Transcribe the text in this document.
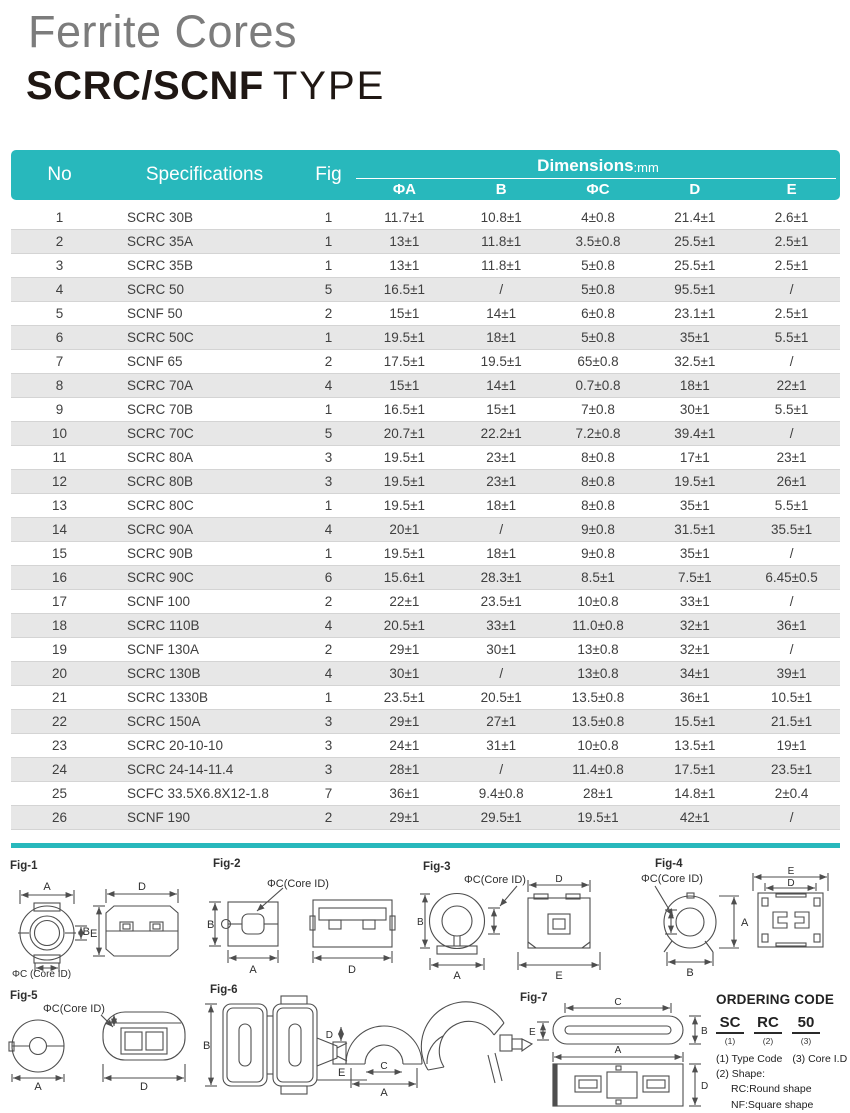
Ferrite Cores
SCRC/SCNF TYPE
No	Specifications	Fig	Dimensions :mm
ΦA	B	ΦC	D	E
1	SCRC 30B	1	11.7±1	10.8±1	4±0.8	21.4±1	2.6±1
2	SCRC 35A	1	13±1	11.8±1	3.5±0.8	25.5±1	2.5±1
3	SCRC 35B	1	13±1	11.8±1	5±0.8	25.5±1	2.5±1
4	SCRC 50	5	16.5±1	/	5±0.8	95.5±1	/
5	SCNF 50	2	15±1	14±1	6±0.8	23.1±1	2.5±1
6	SCRC 50C	1	19.5±1	18±1	5±0.8	35±1	5.5±1
7	SCNF 65	2	17.5±1	19.5±1	65±0.8	32.5±1	/
8	SCRC 70A	4	15±1	14±1	0.7±0.8	18±1	22±1
9	SCRC 70B	1	16.5±1	15±1	7±0.8	30±1	5.5±1
10	SCRC 70C	5	20.7±1	22.2±1	7.2±0.8	39.4±1	/
11	SCRC 80A	3	19.5±1	23±1	8±0.8	17±1	23±1
12	SCRC 80B	3	19.5±1	23±1	8±0.8	19.5±1	26±1
13	SCRC 80C	1	19.5±1	18±1	8±0.8	35±1	5.5±1
14	SCRC 90A	4	20±1	/	9±0.8	31.5±1	35.5±1
15	SCRC 90B	1	19.5±1	18±1	9±0.8	35±1	/
16	SCRC 90C	6	15.6±1	28.3±1	8.5±1	7.5±1	6.45±0.5
17	SCNF 100	2	22±1	23.5±1	10±0.8	33±1	/
18	SCRC 110B	4	20.5±1	33±1	11.0±0.8	32±1	36±1
19	SCNF 130A	2	29±1	30±1	13±0.8	32±1	/
20	SCRC 130B	4	30±1	/	13±0.8	34±1	39±1
21	SCRC 1330B	1	23.5±1	20.5±1	13.5±0.8	36±1	10.5±1
22	SCRC 150A	3	29±1	27±1	13.5±0.8	15.5±1	21.5±1
23	SCRC 20-10-10	3	24±1	31±1	10±0.8	13.5±1	19±1
24	SCRC 24-14-11.4	3	28±1	/	11.4±0.8	17.5±1	23.5±1
25	SCFC 33.5X6.8X12-1.8	7	36±1	9.4±0.8	28±1	14.8±1	2±0.4
26	SCNF 190	2	29±1	29.5±1	19.5±1	42±1	/
Fig-1
A
E
D
B
ΦC (Core ID)
Fig-2
ΦC(Core ID)
B
A	D
Fig-3
ΦC(Core ID)
B
A
D
E
Fig-4
ΦC(Core ID)
A
B
E
D
Fig-5
ΦC(Core ID)
A	D
Fig-6
B
E
D
C
A
Fig-7	C
E	B
A
D
ORDERING CODE
SC
(1)
RC
(2)
50
(3)
(1) Type Code (3) Core I.D
(2) Shape:
RC:Round shape
NF:Square shape
